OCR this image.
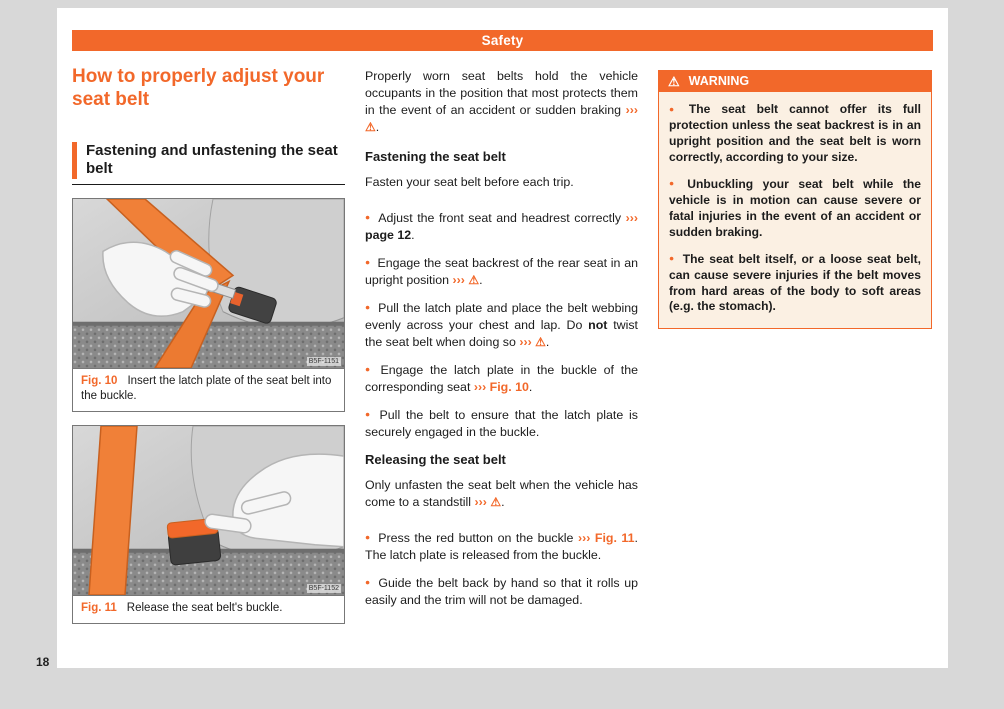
Safety
How to properly adjust your seat belt
Fastening and unfastening the seat belt
B5F-1151
Fig. 10 Insert the latch plate of the seat belt into the buckle.
B5F-1152
Fig. 11 Release the seat belt's buckle.

Properly worn seat belts hold the vehicle occupants in the position that most protects them in the event of an accident or sudden braking ››› ⚠.

Fastening the seat belt

Fasten your seat belt before each trip.

● Adjust the front seat and headrest correctly ››› page 12.

● Engage the seat backrest of the rear seat in an upright position ››› ⚠.

● Pull the latch plate and place the belt webbing evenly across your chest and lap. Do not twist the seat belt when doing so ››› ⚠.

● Engage the latch plate in the buckle of the corresponding seat ››› Fig. 10.

● Pull the belt to ensure that the latch plate is securely engaged in the buckle.

Releasing the seat belt

Only unfasten the seat belt when the vehicle has come to a standstill ››› ⚠.

● Press the red button on the buckle ››› Fig. 11. The latch plate is released from the buckle.

● Guide the belt back by hand so that it rolls up easily and the trim will not be damaged.

⚠ WARNING

● The seat belt cannot offer its full protection unless the seat backrest is in an upright position and the seat belt is worn correctly, according to your size.

● Unbuckling your seat belt while the vehicle is in motion can cause severe or fatal injuries in the event of an accident or sudden braking.

● The seat belt itself, or a loose seat belt, can cause severe injuries if the belt moves from hard areas of the body to soft areas (e.g. the stomach).

18
